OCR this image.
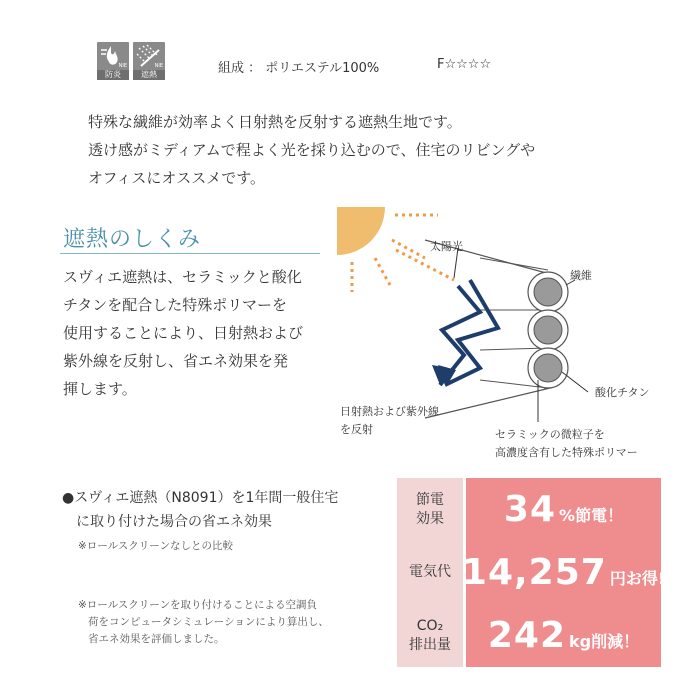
NIE
防炎
NIE
遮熱	組成 ： ポリエステル100%	F☆☆☆☆

特殊な繊維が効率よく日射熱を反射する遮熱生地です。

透け感がミディアムで程よく光を採り込むので、住宅のリビングや

オフィスにオススメです。

遮熱のしくみ

スヴィエ遮熱は、セラミックと酸化

チタンを配合した特殊ポリマーを

使用することにより、日射熱および

紫外線を反射し、省エネ効果を発

揮します。

太陽光
繊維
酸化チタン
日射熱および紫外線
を反射	セラミックの微粒子を
高濃度含有した特殊ポリマー

●スヴィエ遮熱（N8091）を1年間一般住宅

に取り付けた場合の省エネ効果

※ロールスクリーンなしとの比較

※ロールスクリーンを取り付けることによる空調負

荷をコンピュータシミュレーションにより算出し、

省エネ効果を評価しました。

節電
効果 34 %節電！
電気代 14,257 円お得!
CO₂
排出量 242 kg削減！
